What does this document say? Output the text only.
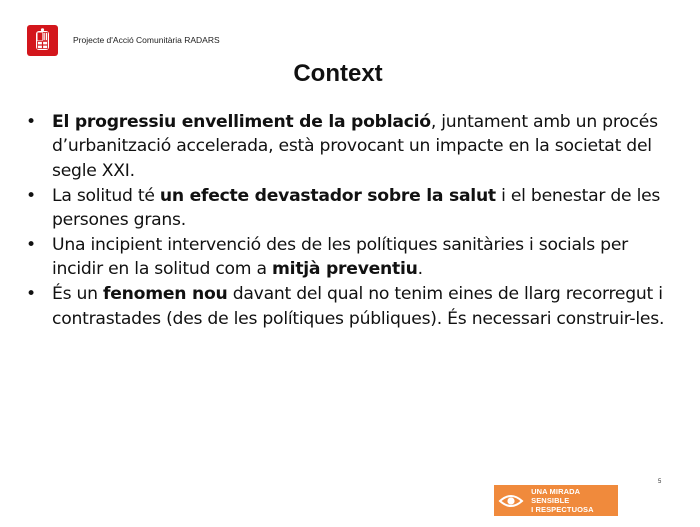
Projecte d'Acció Comunitària RADARS
Context
• El progressiu envelliment de la població, juntament amb un procés d’urbanització accelerada, està provocant un impacte en la societat del segle XXI.
• La solitud té un efecte devastador sobre la salut i el benestar de les persones grans.
• Una incipient intervenció des de les polítiques sanitàries i socials per incidir en la solitud com a mitjà preventiu.
• És un fenomen nou davant del qual no tenim eines de llarg recorregut i contrastades (des de les polítiques públiques). És necessari construir-les.
5
UNA MIRADA SENSIBLE
I RESPECTUOSA
